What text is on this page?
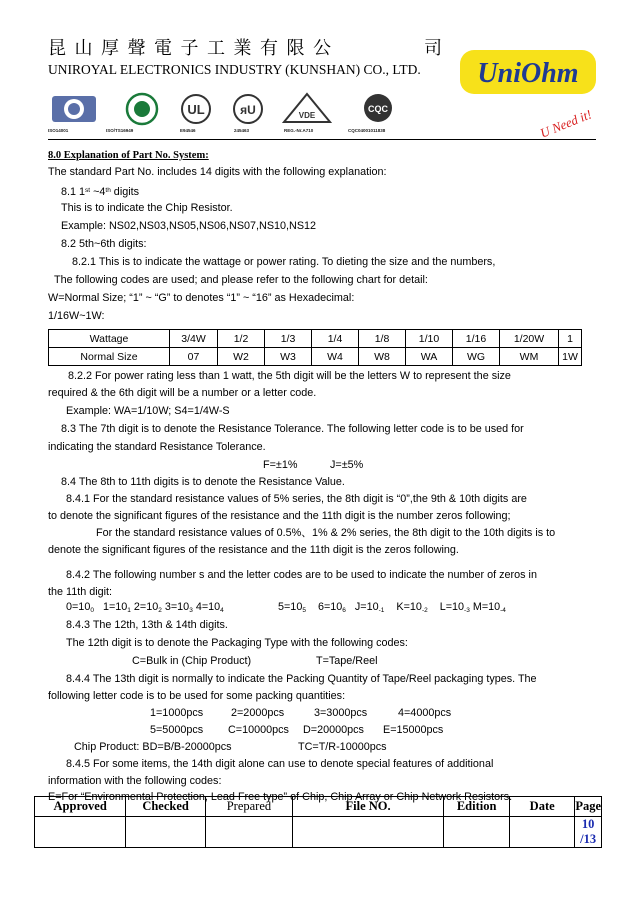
昆 山 厚 聲 電 子 工 業 有 限 公	司
UNIROYAL ELECTRONICS INDUSTRY (KUNSHAN) CO., LTD.
UL	ᴙU	VDE
CQC
ISO14001	ISO/TS16949	E94546	245463	REG.-Nr.A710	CQC04001011838
UniOhm
U Need it!
8.0 Explanation of Part No. System:
The standard Part No. includes 14 digits with the following explanation:
8.1 1st ~4th digits
This is to indicate the Chip Resistor.
Example: NS02,NS03,NS05,NS06,NS07,NS10,NS12
8.2 5th~6th digits:
8.2.1 This is to indicate the wattage or power rating. To dieting the size and the numbers,
The following codes are used; and please refer to the following chart for detail:
W=Normal Size; “1” ~ “G” to denotes “1” ~ “16” as Hexadecimal:
1/16W~1W:
Wattage	3/4W	1/2	1/3	1/4	1/8	1/10	1/16	1/20W	1
Normal Size	07	W2	W3	W4	W8	WA	WG	WM	1W
8.2.2 For power rating less than 1 watt, the 5th digit will be the letters W to represent the size
required & the 6th digit will be a number or a letter code.
Example: WA=1/10W; S4=1/4W-S
8.3 The 7th digit is to denote the Resistance Tolerance. The following letter code is to be used for
indicating the standard Resistance Tolerance.
F=±1%	J=±5%
8.4 The 8th to 11th digits is to denote the Resistance Value.
8.4.1 For the standard resistance values of 5% series, the 8th digit is “0”,the 9th & 10th digits are
to denote the significant figures of the resistance and the 11th digit is the number zeros following;
For the standard resistance values of 0.5%、1% & 2% series, the 8th digit to the 10th digits is to
denote the significant figures of the resistance and the 11th digit is the zeros following.
8.4.2 The following number s and the letter codes are to be used to indicate the number of zeros in
the 11th digit:
$0=10_0$ $1=10_1$ $2=10_2$ $3=10_3$ $4=10_4$	$5=10_5$ $6=10_6$ $J=10_{-1}$ $K=10_{-2}$ $L=10_{-3}$ $M=10_{-4}$
8.4.3 The 12th, 13th & 14th digits.
The 12th digit is to denote the Packaging Type with the following codes:
C=Bulk in (Chip Product)	T=Tape/Reel
8.4.4 The 13th digit is normally to indicate the Packing Quantity of Tape/Reel packaging types. The
following letter code is to be used for some packing quantities:
1=1000pcs	2=2000pcs	3=3000pcs	4=4000pcs
5=5000pcs C=10000pcs D=20000pcs E=15000pcs
Chip Product: BD=B/B-20000pcs	TC=T/R-10000pcs
8.4.5 For some items, the 14th digit alone can use to denote special features of additional
information with the following codes:
E=For “Environmental Protection, Lead Free type” of Chip, Chip Array or Chip Network Resistors.
Approved	Checked	Prepared	File NO.	Edition	Date	Page
						10 /13
